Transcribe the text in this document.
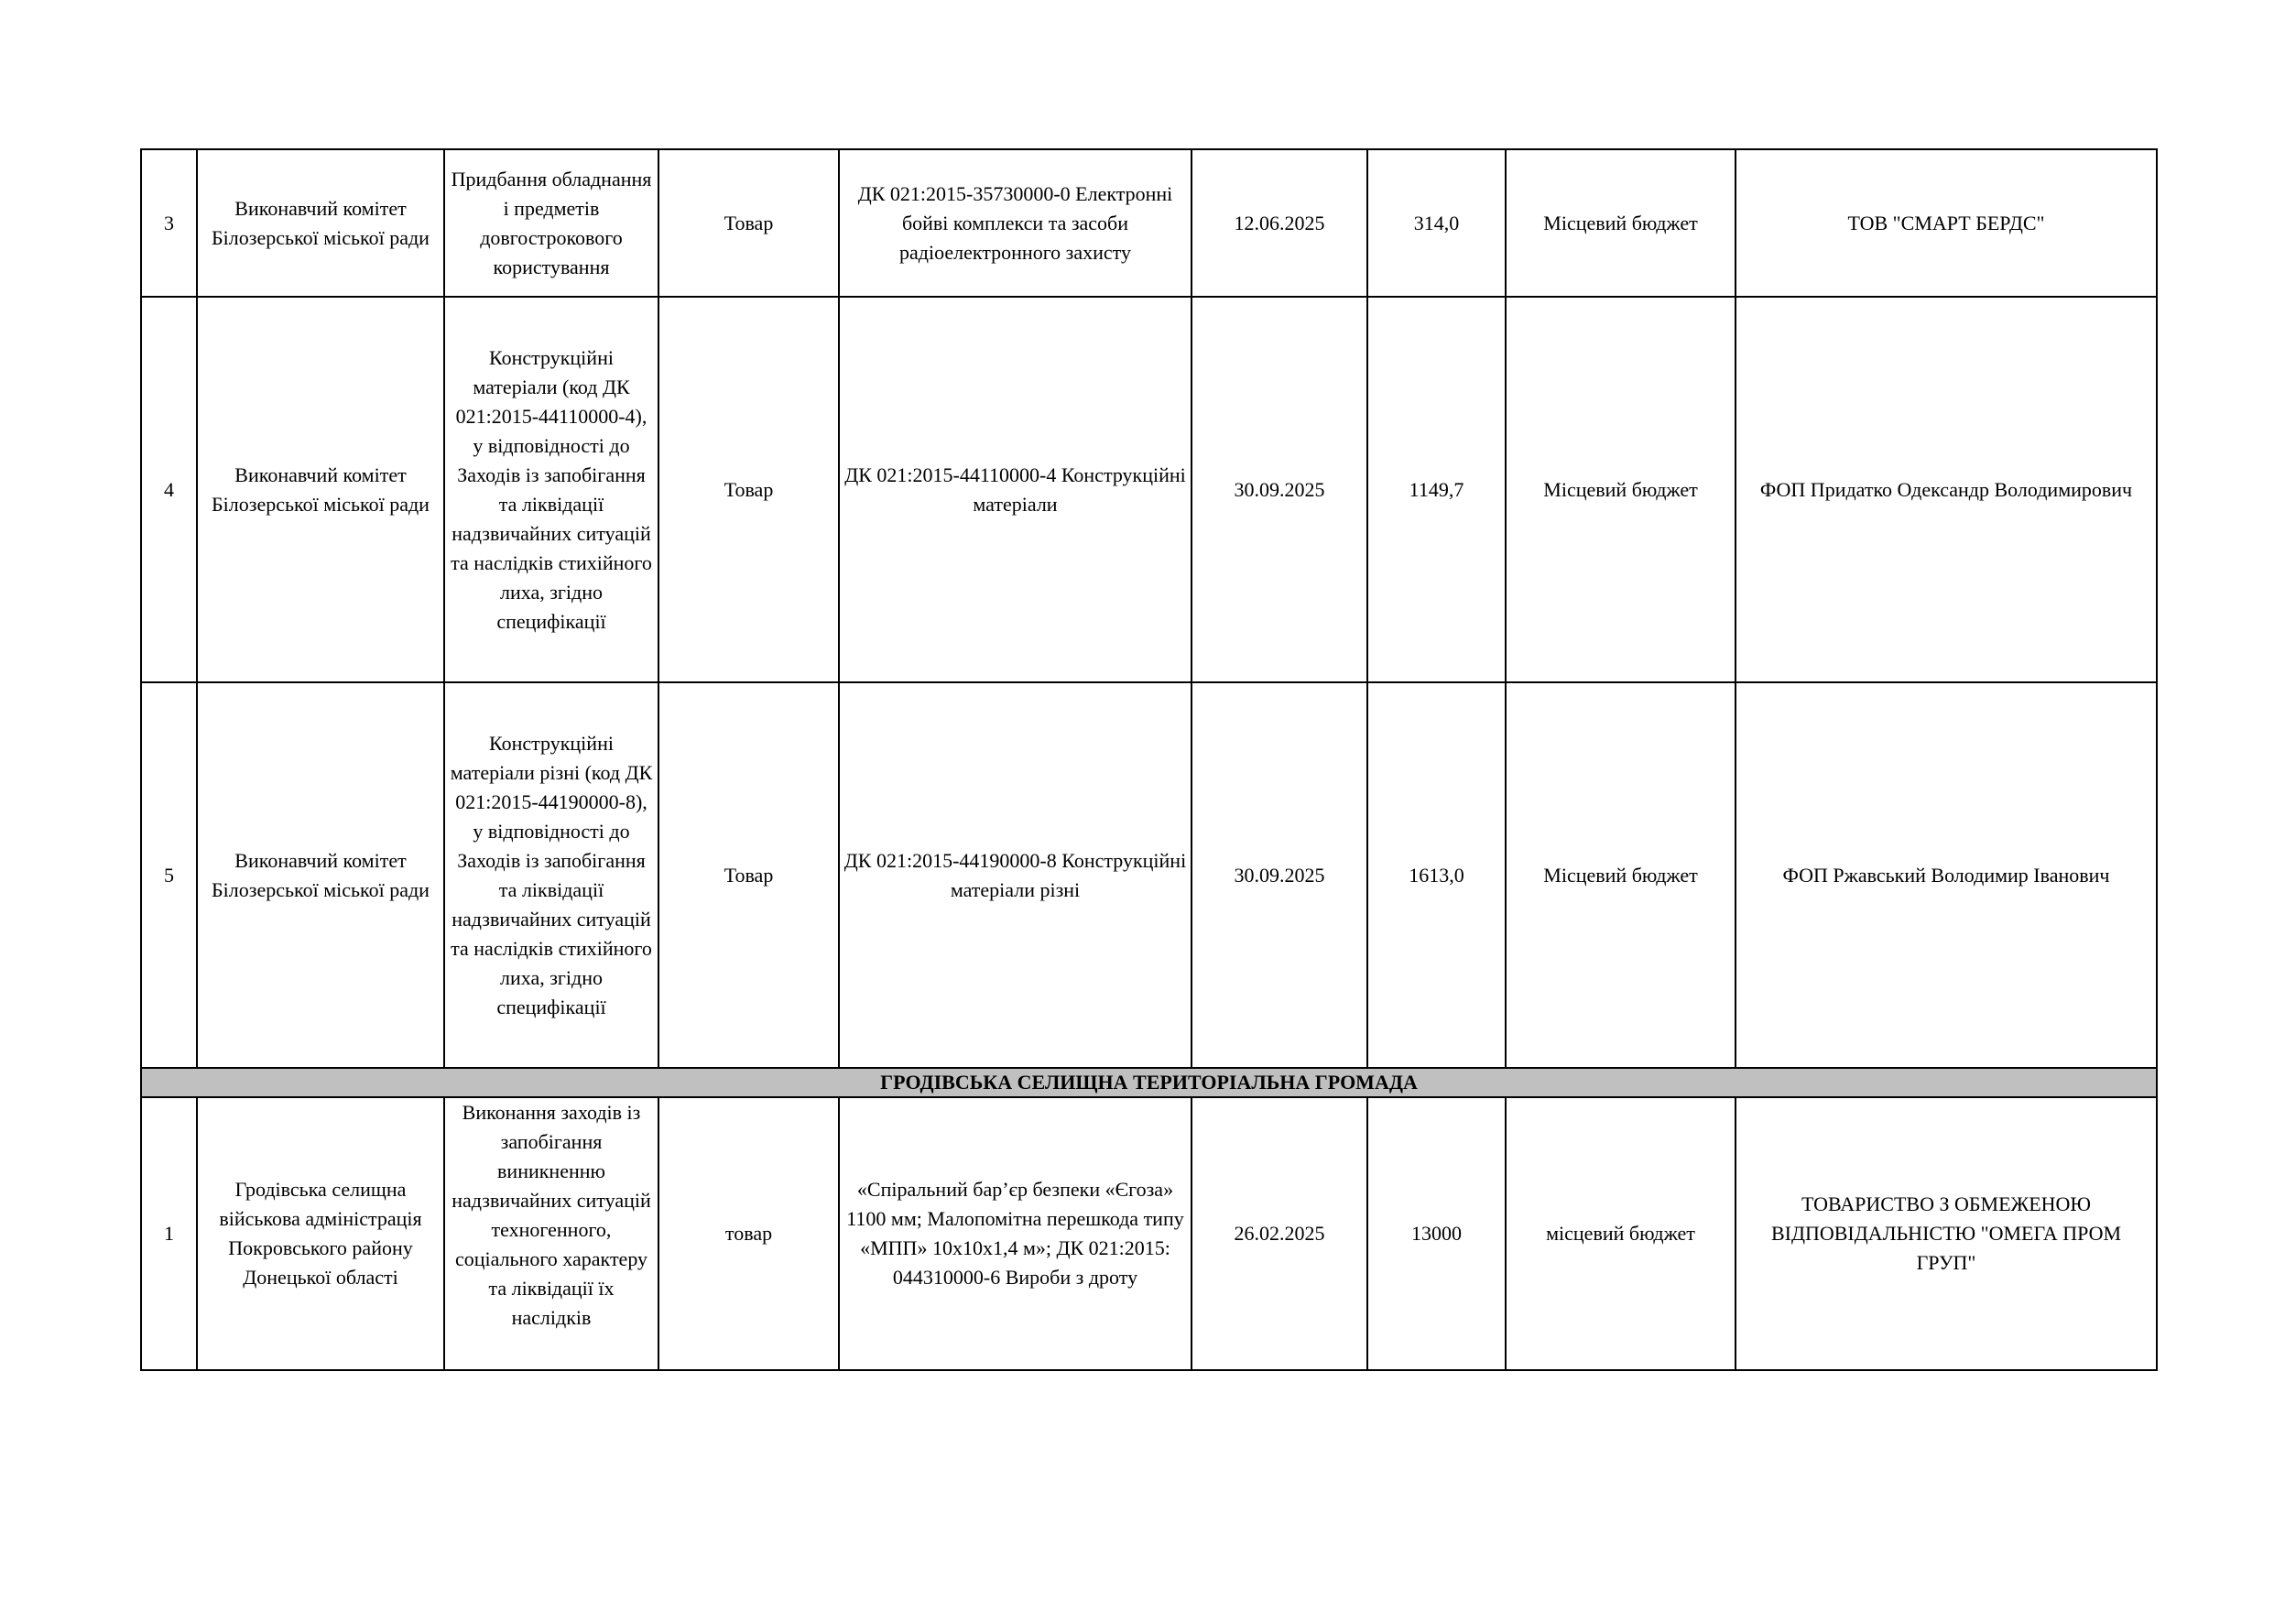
3	Виконавчий комітет Білозерської міської ради	Придбання обладнання і предметів довгострокового користування	Товар	ДК 021:2015-35730000-0 Електронні бойві комплекси та засоби радіоелектронного захисту	12.06.2025	314,0	Місцевий бюджет	ТОВ "СМАРТ БЕРДС"
4	Виконавчий комітет Білозерської міської ради	Конструкційні матеріали (код ДК 021:2015-44110000-4), у відповідності до Заходів із запобігання та ліквідації надзвичайних ситуацій та наслідків стихійного лиха, згідно специфікації	Товар	ДК 021:2015-44110000-4 Конструкційні матеріали	30.09.2025	1149,7	Місцевий бюджет	ФОП Придатко Одександр Володимирович
5	Виконавчий комітет Білозерської міської ради	Конструкційні матеріали різні (код ДК 021:2015-44190000-8), у відповідності до Заходів із запобігання та ліквідації надзвичайних ситуацій та наслідків стихійного лиха, згідно специфікації	Товар	ДК 021:2015-44190000-8 Конструкційні матеріали різні	30.09.2025	1613,0	Місцевий бюджет	ФОП Ржавський Володимир Іванович
ГРОДІВСЬКА СЕЛИЩНА ТЕРИТОРІАЛЬНА ГРОМАДА								
1	Гродівська селищна військова адміністрація Покровського району Донецької області	Виконання заходів із запобігання виникненню надзвичайних ситуацій техногенного, соціального характеру та ліквідації їх наслідків	товар	«Спіральний бар’єр безпеки «Єгоза» 1100 мм; Малопомітна перешкода типу «МПП» 10х10х1,4 м»; ДК 021:2015: 044310000-6 Вироби з дроту	26.02.2025	13000	місцевий бюджет	ТОВАРИСТВО З ОБМЕЖЕНОЮ ВІДПОВІДАЛЬНІСТЮ "ОМЕГА ПРОМ ГРУП"
